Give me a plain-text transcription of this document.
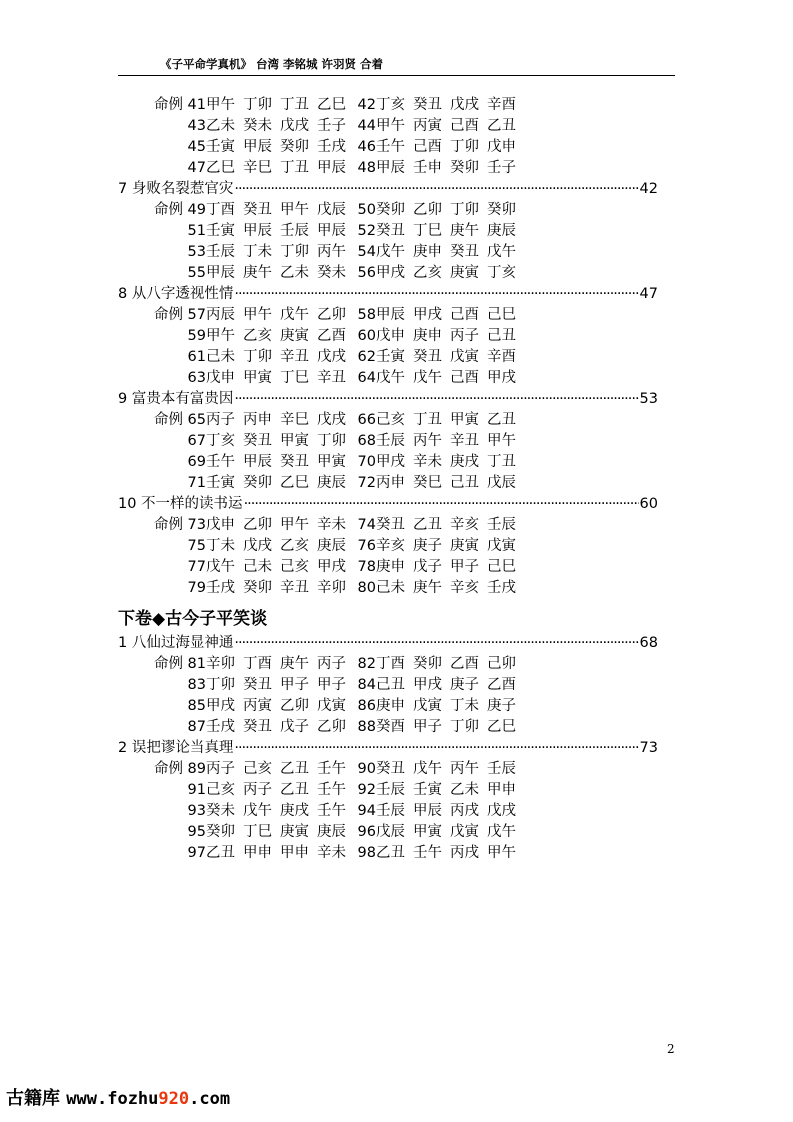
《子平命学真机》 台湾 李铭城 许羽贤 合着
命例 41 甲午 丁卯 丁丑 乙巳 42 丁亥 癸丑 戊戌 辛酉
43 乙未 癸未 戊戌 壬子 44 甲午 丙寅 己酉 乙丑
45 壬寅 甲辰 癸卯 壬戌 46 壬午 己酉 丁卯 戊申
47 乙巳 辛巳 丁丑 甲辰 48 甲辰 壬申 癸卯 壬子
7 身败名裂惹官灾 ·····	42
命例 49 丁酉 癸丑 甲午 戊辰 50 癸卯 乙卯 丁卯 癸卯
51 壬寅 甲辰 壬辰 甲辰 52 癸丑 丁巳 庚午 庚辰
53 壬辰 丁未 丁卯 丙午 54 戊午 庚申 癸丑 戊午
55 甲辰 庚午 乙未 癸未 56 甲戌 乙亥 庚寅 丁亥
8 从八字透视性情 ·····	47
命例 57 丙辰 甲午 戊午 乙卯 58 甲辰 甲戌 己酉 己巳
59 甲午 乙亥 庚寅 乙酉 60 戊申 庚申 丙子 己丑
61 己未 丁卯 辛丑 戊戌 62 壬寅 癸丑 戊寅 辛酉
63 戊申 甲寅 丁巳 辛丑 64 戊午 戊午 己酉 甲戌
9 富贵本有富贵因 ·····	53
命例 65 丙子 丙申 辛巳 戊戌 66 己亥 丁丑 甲寅 乙丑
67 丁亥 癸丑 甲寅 丁卯 68 壬辰 丙午 辛丑 甲午
69 壬午 甲辰 癸丑 甲寅 70 甲戌 辛未 庚戌 丁丑
71 壬寅 癸卯 乙巳 庚辰 72 丙申 癸巳 己丑 戊辰
10 不一样的读书运 ·····	60
命例 73 戊申 乙卯 甲午 辛未 74 癸丑 乙丑 辛亥 壬辰
75 丁未 戊戌 乙亥 庚辰 76 辛亥 庚子 庚寅 戊寅
77 戊午 己未 己亥 甲戌 78 庚申 戊子 甲子 己巳
79 壬戌 癸卯 辛丑 辛卯 80 己未 庚午 辛亥 壬戌
下卷◆古今子平笑谈
1 八仙过海显神通 ·····	68
命例 81 辛卯 丁酉 庚午 丙子 82 丁酉 癸卯 乙酉 己卯
83 丁卯 癸丑 甲子 甲子 84 己丑 甲戌 庚子 乙酉
85 甲戌 丙寅 乙卯 戊寅 86 庚申 戊寅 丁未 庚子
87 壬戌 癸丑 戊子 乙卯 88 癸酉 甲子 丁卯 乙巳
2 误把谬论当真理 ·····	73
命例 89 丙子 己亥 乙丑 壬午 90 癸丑 戊午 丙午 壬辰
91 己亥 丙子 乙丑 壬午 92 壬辰 壬寅 乙未 甲申
93 癸未 戊午 庚戌 壬午 94 壬辰 甲辰 丙戌 戊戌
95 癸卯 丁巳 庚寅 庚辰 96 戊辰 甲寅 戊寅 戊午
97 乙丑 甲申 甲申 辛未 98 乙丑 壬午 丙戌 甲午
2
古籍库 www.fozhu920.com
